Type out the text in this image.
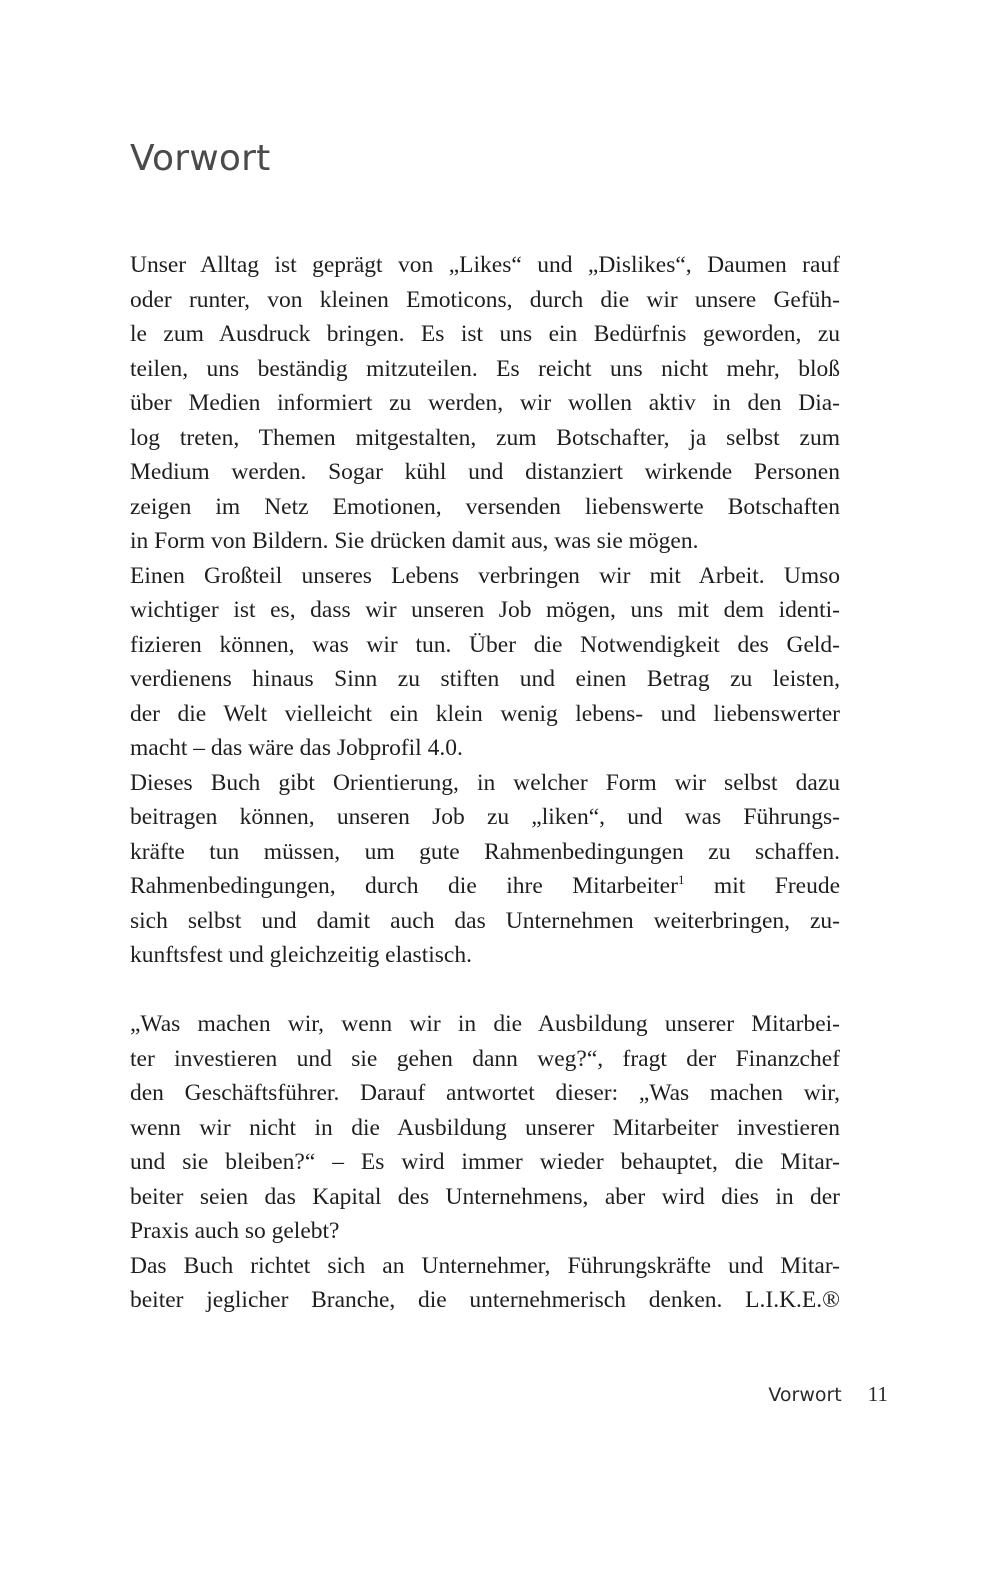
Vorwort
Unser Alltag ist geprägt von „Likes“ und „Dislikes“, Daumen rauf
oder runter, von kleinen Emoticons, durch die wir unsere Gefüh-
le zum Ausdruck bringen. Es ist uns ein Bedürfnis geworden, zu
teilen, uns beständig mitzuteilen. Es reicht uns nicht mehr, bloß
über Medien informiert zu werden, wir wollen aktiv in den Dia-
log treten, Themen mitgestalten, zum Botschafter, ja selbst zum
Medium werden. Sogar kühl und distanziert wirkende Personen
zeigen im Netz Emotionen, versenden liebenswerte Botschaften
in Form von Bildern. Sie drücken damit aus, was sie mögen.
Einen Großteil unseres Lebens verbringen wir mit Arbeit. Umso
wichtiger ist es, dass wir unseren Job mögen, uns mit dem identi-
fizieren können, was wir tun. Über die Notwendigkeit des Geld-
verdienens hinaus Sinn zu stiften und einen Betrag zu leisten,
der die Welt vielleicht ein klein wenig lebens- und liebenswerter
macht – das wäre das Jobprofil 4.0.
Dieses Buch gibt Orientierung, in welcher Form wir selbst dazu
beitragen können, unseren Job zu „liken“, und was Führungs-
kräfte tun müssen, um gute Rahmenbedingungen zu schaffen.
Rahmenbedingungen, durch die ihre Mitarbeiter$^1$ mit Freude
sich selbst und damit auch das Unternehmen weiterbringen, zu-
kunftsfest und gleichzeitig elastisch.
„Was machen wir, wenn wir in die Ausbildung unserer Mitarbei-
ter investieren und sie gehen dann weg?“, fragt der Finanzchef
den Geschäftsführer. Darauf antwortet dieser: „Was machen wir,
wenn wir nicht in die Ausbildung unserer Mitarbeiter investieren
und sie bleiben?“ – Es wird immer wieder behauptet, die Mitar-
beiter seien das Kapital des Unternehmens, aber wird dies in der
Praxis auch so gelebt?
Das Buch richtet sich an Unternehmer, Führungskräfte und Mitar-
beiter jeglicher Branche, die unternehmerisch denken. L.I.K.E.®
Vorwort 11
